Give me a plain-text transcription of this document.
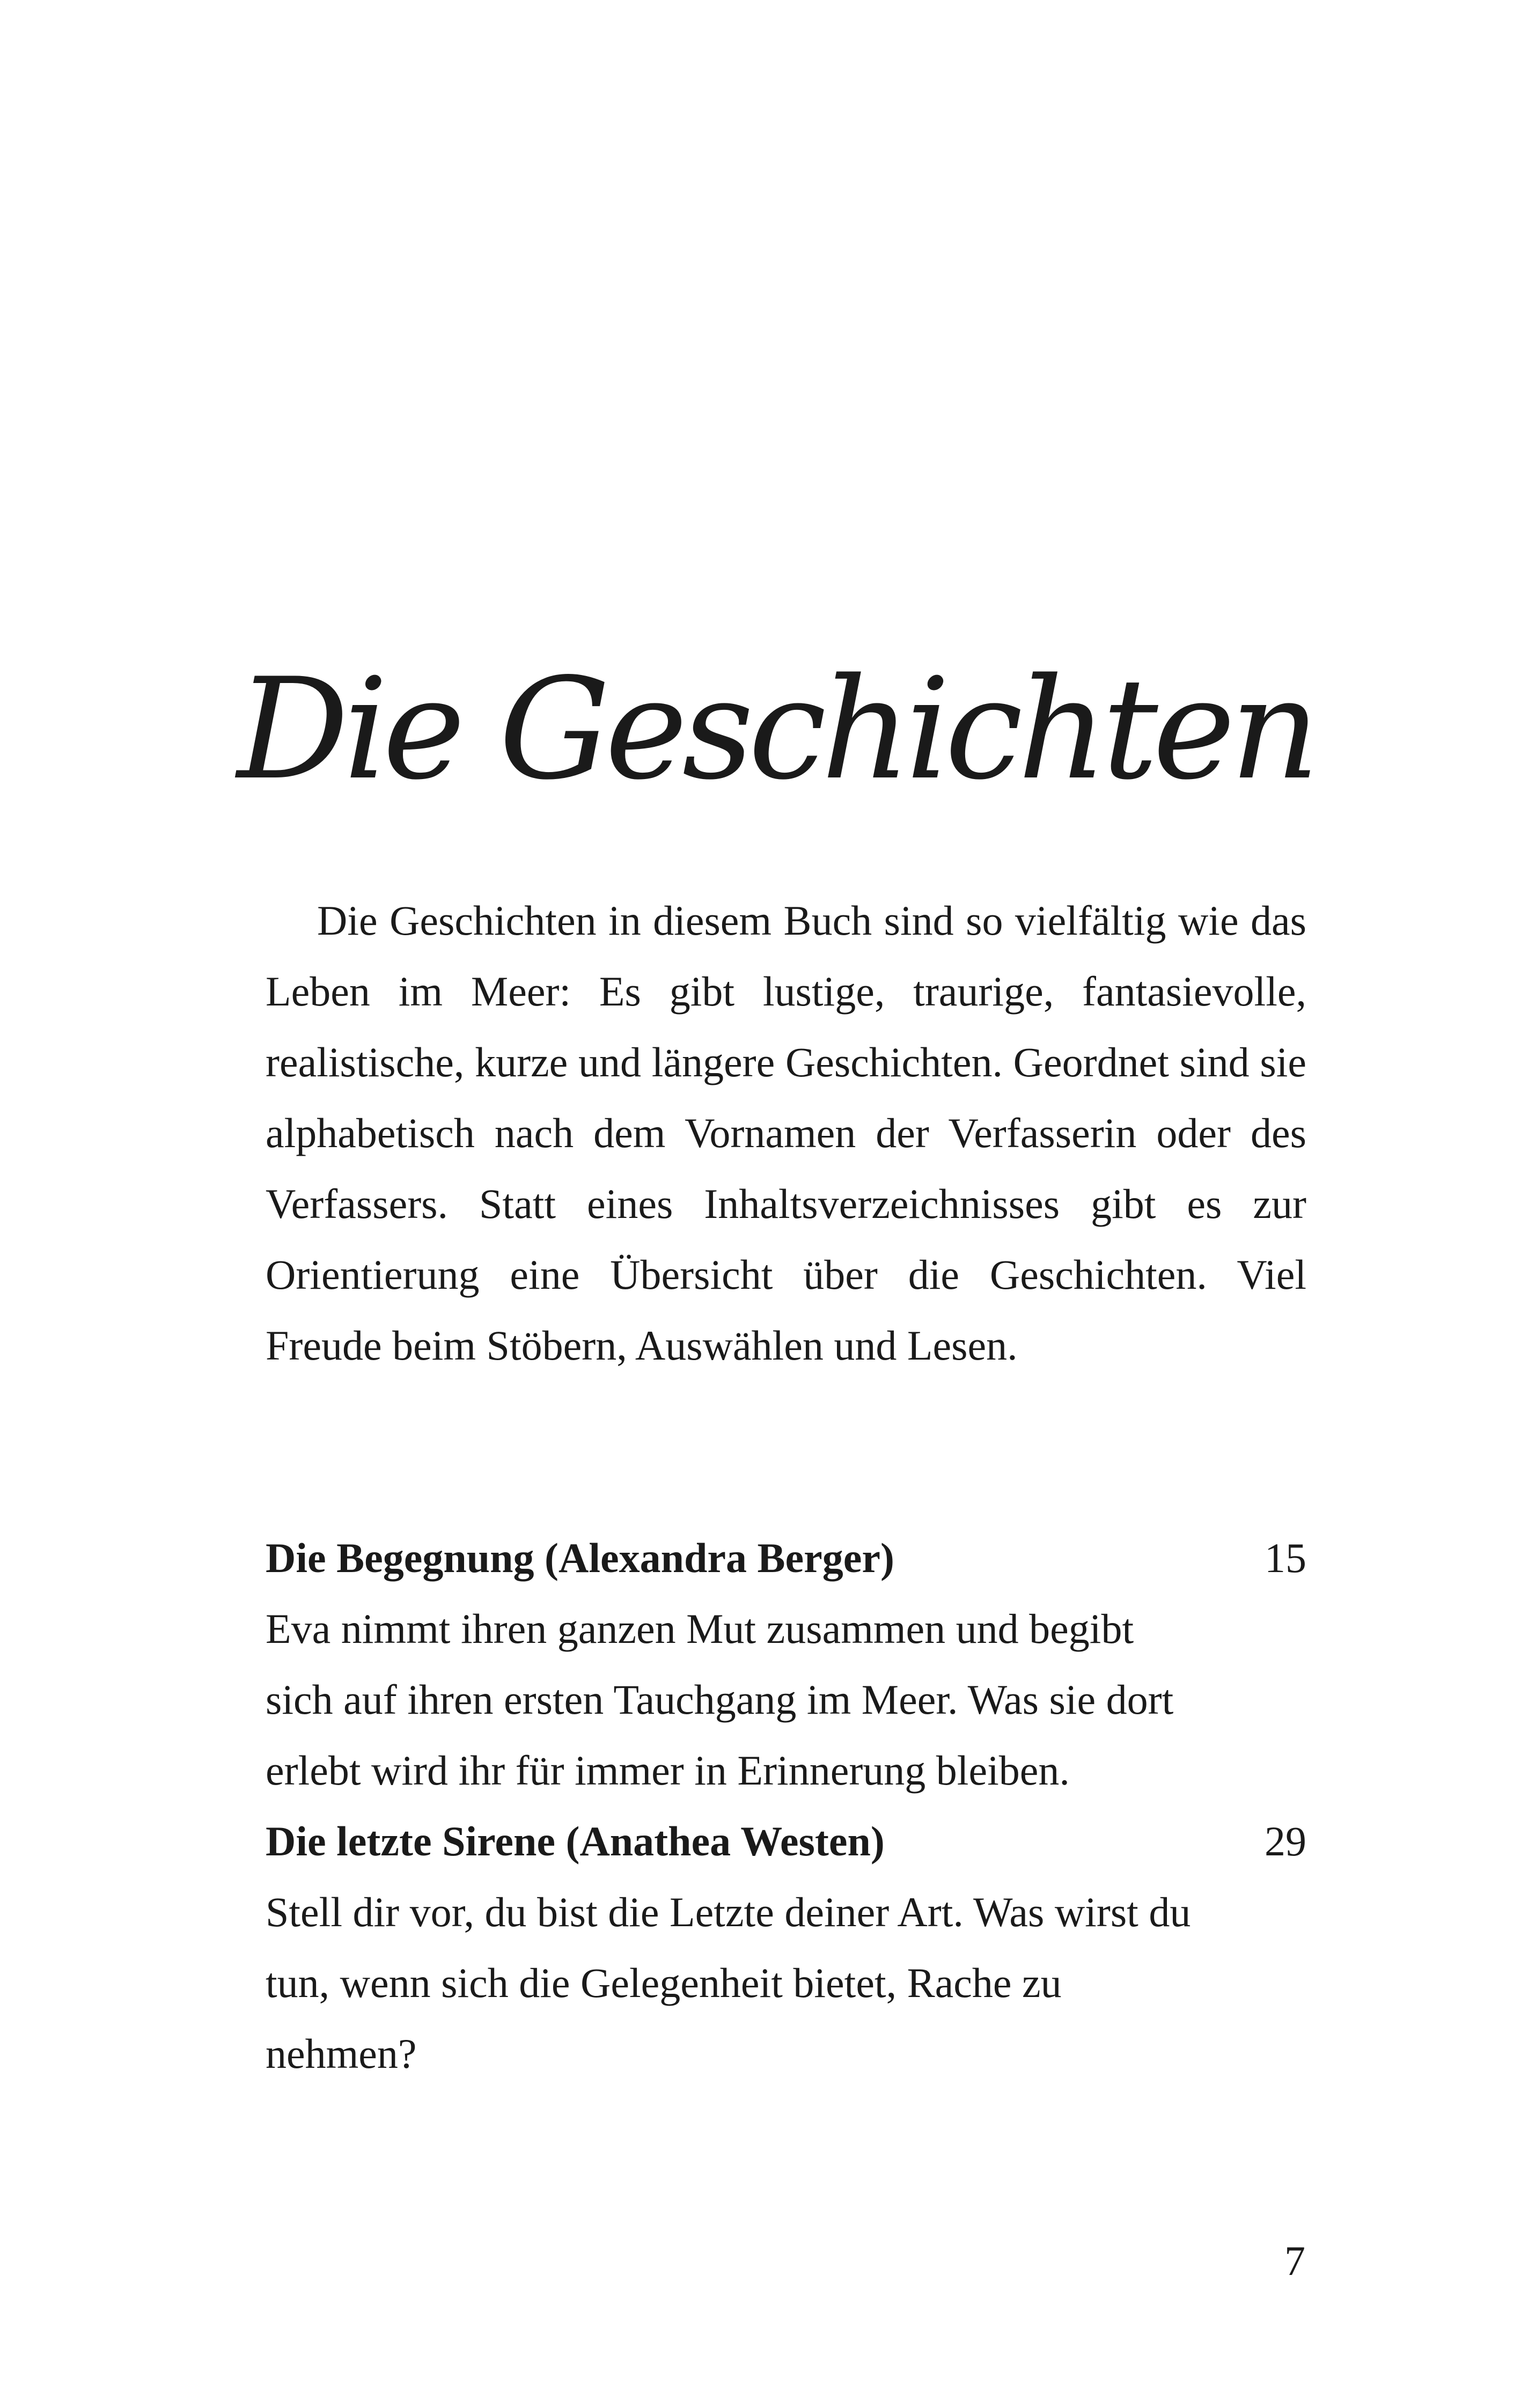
Die Geschichten

Die Geschichten in diesem Buch sind so vielfältig wie das Leben im Meer: Es gibt lustige, traurige, fantasievolle, realistische, kurze und längere Geschichten. Geordnet sind sie alphabetisch nach dem Vornamen der Verfasserin oder des Verfassers. Statt eines Inhaltsverzeichnisses gibt es zur Orientierung eine Übersicht über die Geschichten. Viel Freude beim Stöbern, Auswählen und Lesen.

Die Begegnung (Alexandra Berger)	15

Eva nimmt ihren ganzen Mut zusammen und begibt sich auf ihren ersten Tauchgang im Meer. Was sie dort erlebt wird ihr für immer in Erinnerung bleiben.

Die letzte Sirene (Anathea Westen)	29

Stell dir vor, du bist die Letzte deiner Art. Was wirst du tun, wenn sich die Gelegenheit bietet, Rache zu nehmen?

7
